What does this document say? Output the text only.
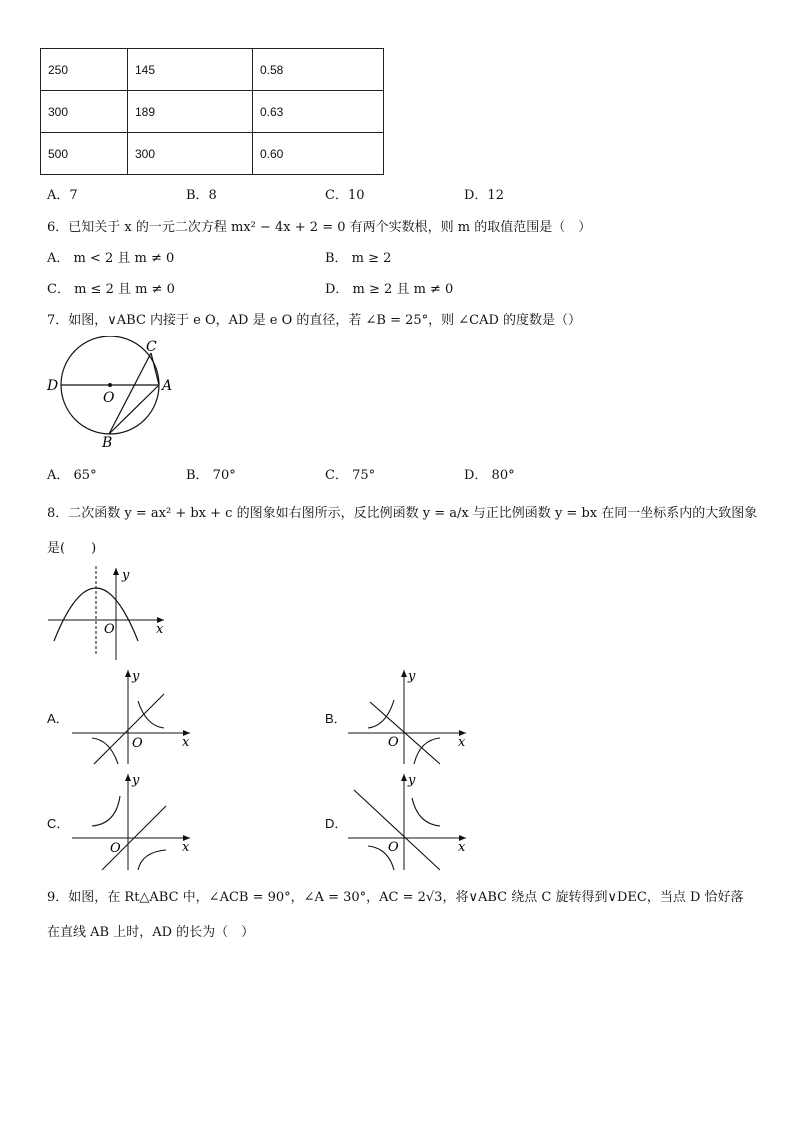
250	145	0.58
300	189	0.63
500	300	0.60
A．7	B．8	C．10	D．12
6．已知关于 x 的一元二次方程 mx² − 4x + 2 = 0 有两个实数根，则 m 的取值范围是（　）
A． m < 2 且 m ≠ 0	B． m ≥ 2
C． m ≤ 2 且 m ≠ 0	D． m ≥ 2 且 m ≠ 0
7．如图，∨ABC 内接于 e O，AD 是 e O 的直径，若 ∠B = 25°，则 ∠CAD 的度数是（）
D
O
A
B
C
A． 65°	B． 70°	C． 75°	D． 80°
8．二次函数 y = ax² + bx + c 的图象如右图所示，反比例函数 y = a/x 与正比例函数 y = bx 在同一坐标系内的大致图象
是(　　)
y
x
O
A．
y
x
O
B．
y
x
O
C．
y
x
O
D．
y
x
O
9．如图，在 Rt△ABC 中，∠ACB = 90°，∠A = 30°，AC = 2√3，将∨ABC 绕点 C 旋转得到∨DEC，当点 D 恰好落
在直线 AB 上时，AD 的长为（　）
